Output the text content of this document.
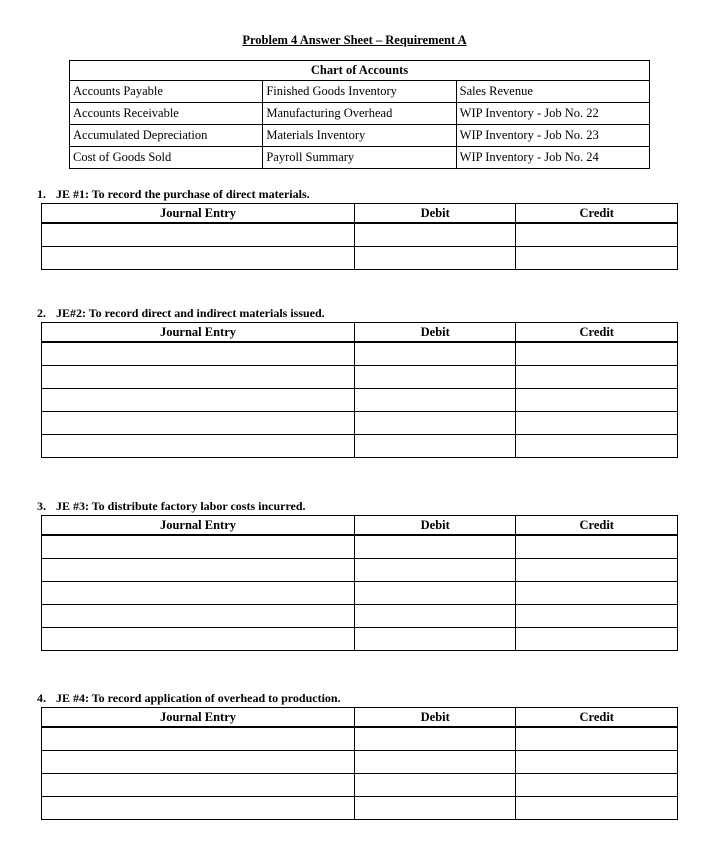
Problem 4 Answer Sheet – Requirement A
Chart of Accounts		
Accounts Payable	Finished Goods Inventory	Sales Revenue
Accounts Receivable	Manufacturing Overhead	WIP Inventory - Job No. 22
Accumulated Depreciation	Materials Inventory	WIP Inventory - Job No. 23
Cost of Goods Sold	Payroll Summary	WIP Inventory - Job No. 24
1. JE #1: To record the purchase of direct materials.
Journal Entry	Debit	Credit

2. JE#2: To record direct and indirect materials issued.
Journal Entry	Debit	Credit

3. JE #3: To distribute factory labor costs incurred.
Journal Entry	Debit	Credit

4. JE #4: To record application of overhead to production.
Journal Entry	Debit	Credit
